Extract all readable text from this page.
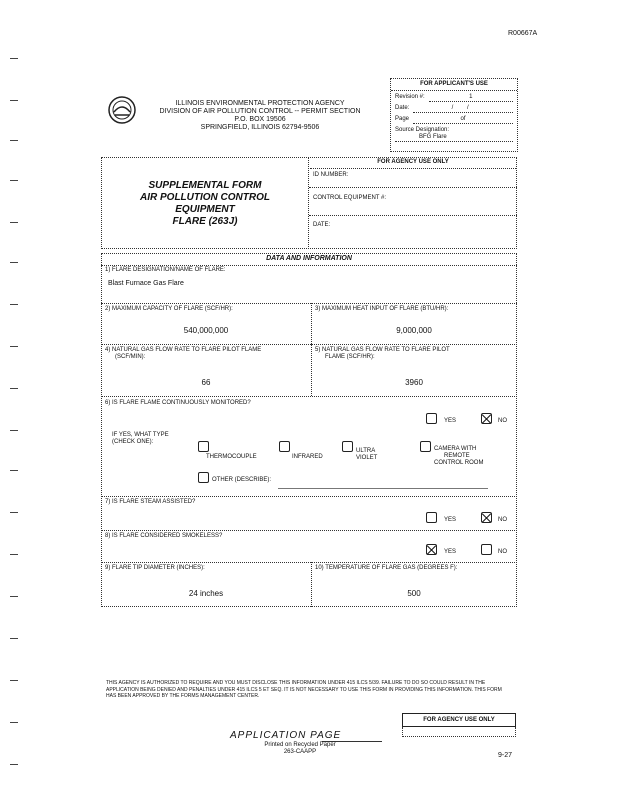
R00667A
ILLINOIS ENVIRONMENTAL PROTECTION AGENCY
DIVISION OF AIR POLLUTION CONTROL -- PERMIT SECTION
P.O. BOX 19506
SPRINGFIELD, ILLINOIS 62794-9506
FOR APPLICANT'S USE
Revision #:	1
Date:	/ /
Page	of
Source Designation:
BFG Flare
SUPPLEMENTAL FORM
AIR POLLUTION CONTROL
EQUIPMENT
FLARE (263J)
FOR AGENCY USE ONLY
ID NUMBER:
CONTROL EQUIPMENT #:
DATE:
DATA AND INFORMATION
1) FLARE DESIGNATION/NAME OF FLARE:
Blast Furnace Gas Flare
2) MAXIMUM CAPACITY OF FLARE (SCF/HR):
540,000,000
3) MAXIMUM HEAT INPUT OF FLARE (BTU/HR):
9,000,000
4) NATURAL GAS FLOW RATE TO FLARE PILOT FLAME
(SCF/MIN):
66
5) NATURAL GAS FLOW RATE TO FLARE PILOT
FLAME (SCF/HR):
3960
6) IS FLARE FLAME CONTINUOUSLY MONITORED?
YES	NO
IF YES, WHAT TYPE
(CHECK ONE):
THERMOCOUPLE	INFRARED
ULTRA VIOLET
CAMERA WITH
REMOTE
CONTROL ROOM
OTHER (DESCRIBE):
7) IS FLARE STEAM ASSISTED?
YES	NO
8) IS FLARE CONSIDERED SMOKELESS?
YES	NO
9) FLARE TIP DIAMETER (INCHES):
24 inches
10) TEMPERATURE OF FLARE GAS (DEGREES F):
500
THIS AGENCY IS AUTHORIZED TO REQUIRE AND YOU MUST DISCLOSE THIS INFORMATION UNDER 415 ILCS 5/39. FAILURE TO DO SO COULD RESULT IN THE APPLICATION BEING DENIED AND PENALTIES UNDER 415 ILCS 5 ET SEQ. IT IS NOT NECESSARY TO USE THIS FORM IN PROVIDING THIS INFORMATION. THIS FORM HAS BEEN APPROVED BY THE FORMS MANAGEMENT CENTER.
FOR AGENCY USE ONLY
APPLICATION PAGE
Printed on Recycled Paper
263-CAAPP	9-27
